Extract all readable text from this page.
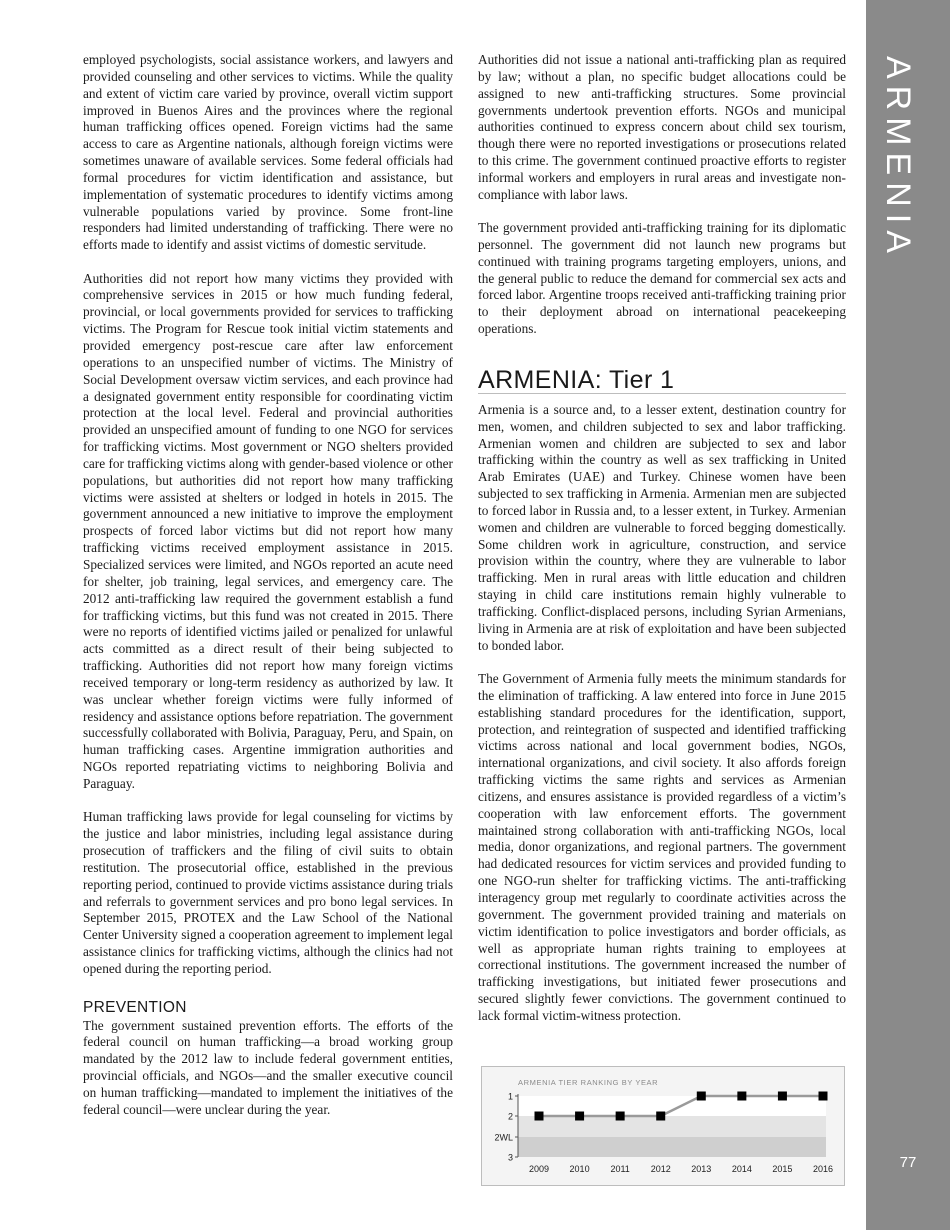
employed psychologists, social assistance workers, and lawyers and provided counseling and other services to victims. While the quality and extent of victim care varied by province, overall victim support improved in Buenos Aires and the provinces where the regional human trafficking offices opened. Foreign victims had the same access to care as Argentine nationals, although foreign victims were sometimes unaware of available services. Some federal officials had formal procedures for victim identification and assistance, but implementation of systematic procedures to identify victims among vulnerable populations varied by province. Some front-line responders had limited understanding of trafficking. There were no efforts made to identify and assist victims of domestic servitude.

Authorities did not report how many victims they provided with comprehensive services in 2015 or how much funding federal, provincial, or local governments provided for services to trafficking victims. The Program for Rescue took initial victim statements and provided emergency post-rescue care after law enforcement operations to an unspecified number of victims. The Ministry of Social Development oversaw victim services, and each province had a designated government entity responsible for coordinating victim protection at the local level. Federal and provincial authorities provided an unspecified amount of funding to one NGO for services for trafficking victims. Most government or NGO shelters provided care for trafficking victims along with gender-based violence or other populations, but authorities did not report how many trafficking victims were assisted at shelters or lodged in hotels in 2015. The government announced a new initiative to improve the employment prospects of forced labor victims but did not report how many trafficking victims received employment assistance in 2015. Specialized services were limited, and NGOs reported an acute need for shelter, job training, legal services, and emergency care. The 2012 anti-trafficking law required the government establish a fund for trafficking victims, but this fund was not created in 2015. There were no reports of identified victims jailed or penalized for unlawful acts committed as a direct result of their being subjected to trafficking. Authorities did not report how many foreign victims received temporary or long-term residency as authorized by law. It was unclear whether foreign victims were fully informed of residency and assistance options before repatriation. The government successfully collaborated with Bolivia, Paraguay, Peru, and Spain, on human trafficking cases. Argentine immigration authorities and NGOs reported repatriating victims to neighboring Bolivia and Paraguay.

Human trafficking laws provide for legal counseling for victims by the justice and labor ministries, including legal assistance during prosecution of traffickers and the filing of civil suits to obtain restitution. The prosecutorial office, established in the previous reporting period, continued to provide victims assistance during trials and referrals to government services and pro bono legal services. In September 2015, PROTEX and the Law School of the National Center University signed a cooperation agreement to implement legal assistance clinics for trafficking victims, although the clinics had not opened during the reporting period.

PREVENTION

The government sustained prevention efforts. The efforts of the federal council on human trafficking—a broad working group mandated by the 2012 law to include federal government entities, provincial officials, and NGOs—and the smaller executive council on human trafficking—mandated to implement the initiatives of the federal council—were unclear during the year.

Authorities did not issue a national anti-trafficking plan as required by law; without a plan, no specific budget allocations could be assigned to new anti-trafficking structures. Some provincial governments undertook prevention efforts. NGOs and municipal authorities continued to express concern about child sex tourism, though there were no reported investigations or prosecutions related to this crime. The government continued proactive efforts to register informal workers and employers in rural areas and investigate non-compliance with labor laws.

The government provided anti-trafficking training for its diplomatic personnel. The government did not launch new programs but continued with training programs targeting employers, unions, and the general public to reduce the demand for commercial sex acts and forced labor. Argentine troops received anti-trafficking training prior to their deployment abroad on international peacekeeping operations.

ARMENIA: Tier 1

Armenia is a source and, to a lesser extent, destination country for men, women, and children subjected to sex and labor trafficking. Armenian women and children are subjected to sex and labor trafficking within the country as well as sex trafficking in United Arab Emirates (UAE) and Turkey. Chinese women have been subjected to sex trafficking in Armenia. Armenian men are subjected to forced labor in Russia and, to a lesser extent, in Turkey. Armenian women and children are vulnerable to forced begging domestically. Some children work in agriculture, construction, and service provision within the country, where they are vulnerable to labor trafficking. Men in rural areas with little education and children staying in child care institutions remain highly vulnerable to trafficking. Conflict-displaced persons, including Syrian Armenians, living in Armenia are at risk of exploitation and have been subjected to bonded labor.

The Government of Armenia fully meets the minimum standards for the elimination of trafficking. A law entered into force in June 2015 establishing standard procedures for the identification, support, protection, and reintegration of suspected and identified trafficking victims across national and local government bodies, NGOs, international organizations, and civil society. It also affords foreign trafficking victims the same rights and services as Armenian citizens, and ensures assistance is provided regardless of a victim’s cooperation with law enforcement efforts. The government maintained strong collaboration with anti-trafficking NGOs, local media, donor organizations, and regional partners. The government had dedicated resources for victim services and provided funding to one NGO-run shelter for trafficking victims. The anti-trafficking interagency group met regularly to coordinate activities across the government. The government provided training and materials on victim identification to police investigators and border officials, as well as appropriate human rights training to employees at correctional institutions. The government increased the number of trafficking investigations, but initiated fewer prosecutions and secured slightly fewer convictions. The government continued to lack formal victim-witness protection.

ARMENIA TIER RANKING BY YEAR
1
2
2WL
3
2009 2010 2011 2012 2013 2014 2015 2016
ARMENIA
77
